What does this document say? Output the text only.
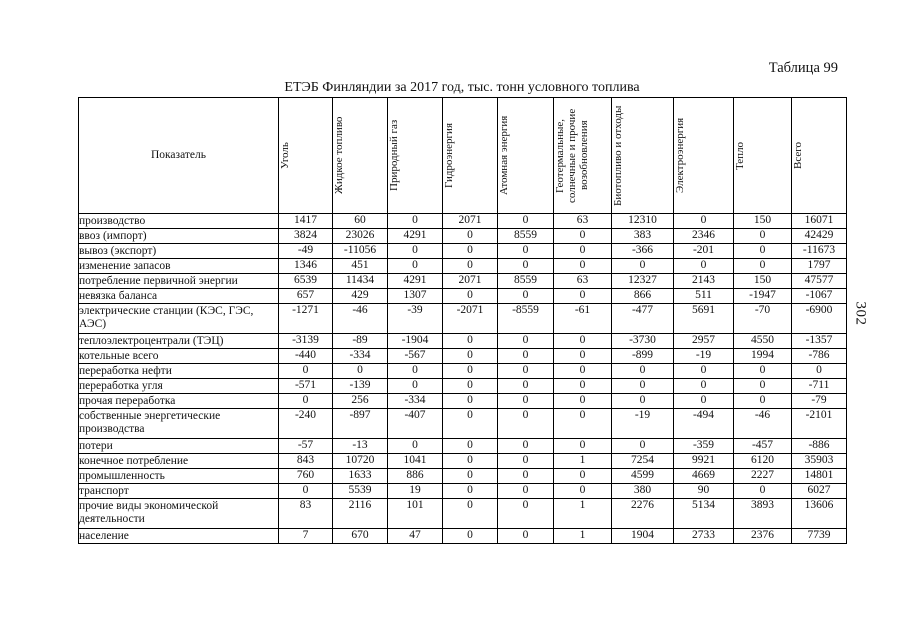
Таблица 99
ЕТЭБ Финляндии за 2017 год, тыс. тонн условного топлива
302
Показатель	Уголь	Жидкое топливо	Природный газ	Гидроэнергия	Атомная энергия	Геотермальные, солнечные и прочие возобновления	Биотопливо и отходы	Электроэнергия	Тепло	Всего

производство	1417	60	0	2071	0	63	12310	0	150	16071
ввоз (импорт)	3824	23026	4291	0	8559	0	383	2346	0	42429
вывоз (экспорт)	-49	-11056	0	0	0	0	-366	-201	0	-11673
изменение запасов	1346	451	0	0	0	0	0	0	0	1797
потребление первичной энергии	6539	11434	4291	2071	8559	63	12327	2143	150	47577
невязка баланса	657	429	1307	0	0	0	866	511	-1947	-1067
электрические станции (КЭС, ГЭС, АЭС)	-1271	-46	-39	-2071	-8559	-61	-477	5691	-70	-6900
теплоэлектроцентрали (ТЭЦ)	-3139	-89	-1904	0	0	0	-3730	2957	4550	-1357
котельные всего	-440	-334	-567	0	0	0	-899	-19	1994	-786
переработка нефти	0	0	0	0	0	0	0	0	0	0
переработка угля	-571	-139	0	0	0	0	0	0	0	-711
прочая переработка	0	256	-334	0	0	0	0	0	0	-79
собственные энергетические производства	-240	-897	-407	0	0	0	-19	-494	-46	-2101
потери	-57	-13	0	0	0	0	0	-359	-457	-886
конечное потребление	843	10720	1041	0	0	1	7254	9921	6120	35903
промышленность	760	1633	886	0	0	0	4599	4669	2227	14801
транспорт	0	5539	19	0	0	0	380	90	0	6027
прочие виды экономической деятельности	83	2116	101	0	0	1	2276	5134	3893	13606
население	7	670	47	0	0	1	1904	2733	2376	7739
